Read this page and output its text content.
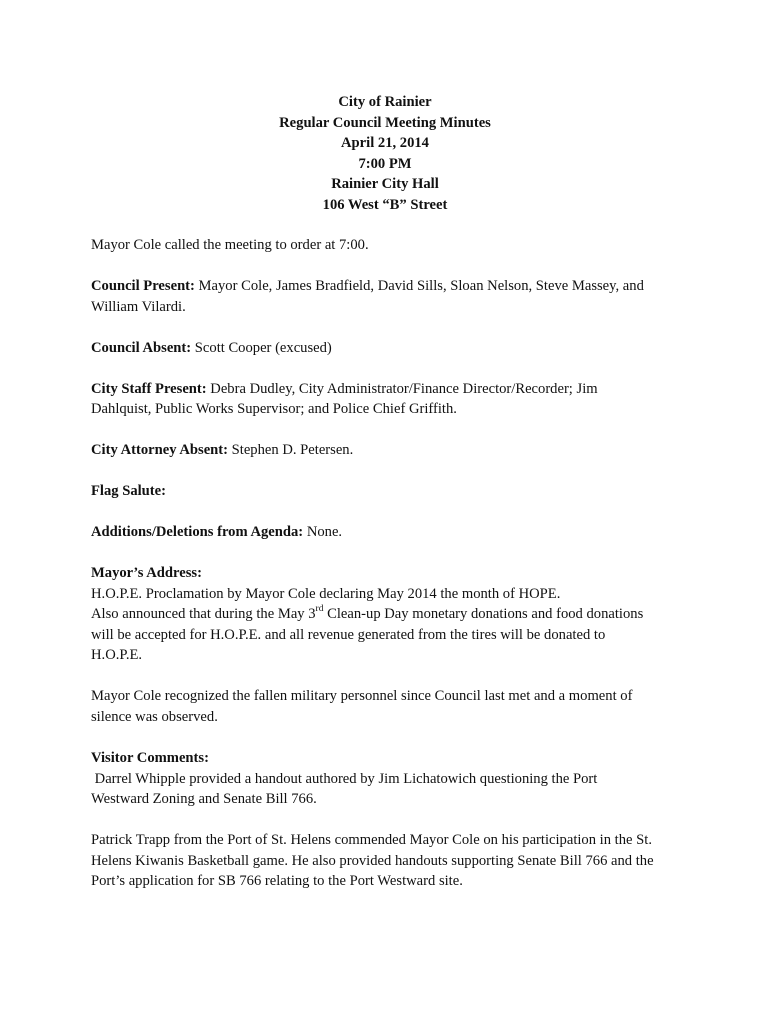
City of Rainier
Regular Council Meeting Minutes
April 21, 2014
7:00 PM
Rainier City Hall
106 West “B” Street

Mayor Cole called the meeting to order at 7:00.

Council Present: Mayor Cole, James Bradfield, David Sills, Sloan Nelson, Steve Massey, and
William Vilardi.

Council Absent: Scott Cooper (excused)

City Staff Present: Debra Dudley, City Administrator/Finance Director/Recorder; Jim
Dahlquist, Public Works Supervisor; and Police Chief Griffith.

City Attorney Absent: Stephen D. Petersen.

Flag Salute:

Additions/Deletions from Agenda: None.

Mayor’s Address:
H.O.P.E. Proclamation by Mayor Cole declaring May 2014 the month of HOPE.
Also announced that during the May 3rd Clean-up Day monetary donations and food donations
will be accepted for H.O.P.E. and all revenue generated from the tires will be donated to
H.O.P.E.

Mayor Cole recognized the fallen military personnel since Council last met and a moment of
silence was observed.

Visitor Comments:
Darrel Whipple provided a handout authored by Jim Lichatowich questioning the Port
Westward Zoning and Senate Bill 766.

Patrick Trapp from the Port of St. Helens commended Mayor Cole on his participation in the St.
Helens Kiwanis Basketball game. He also provided handouts supporting Senate Bill 766 and the
Port’s application for SB 766 relating to the Port Westward site.
